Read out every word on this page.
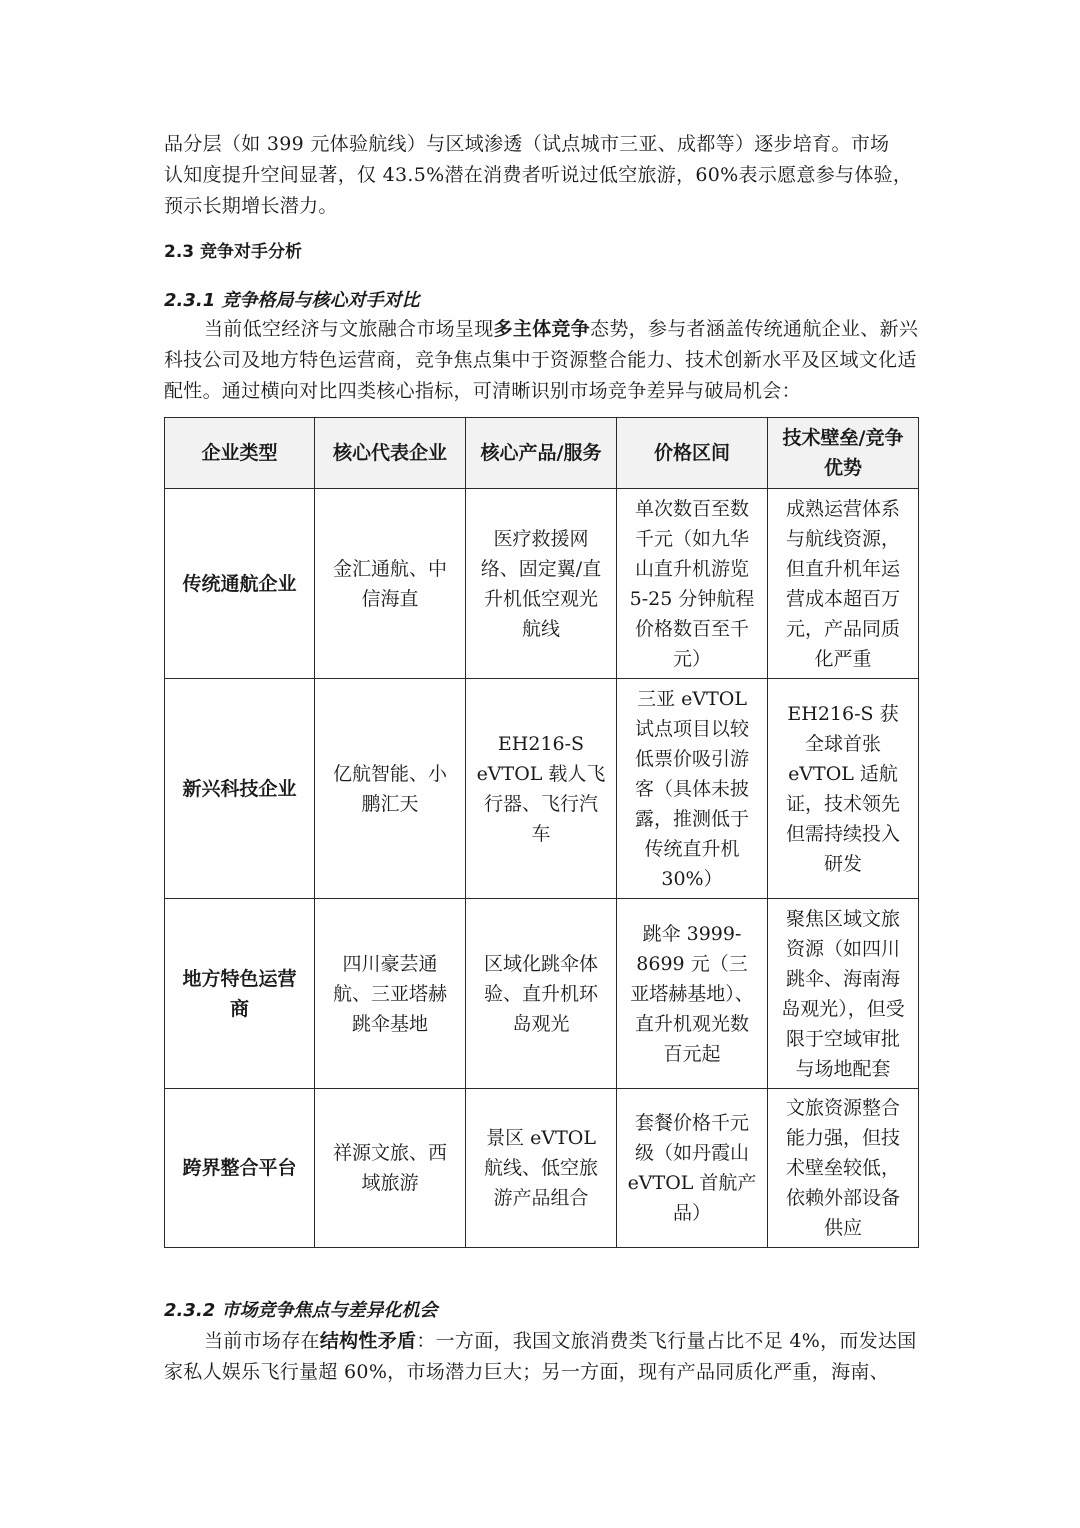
品分层（如 399 元体验航线）与区域渗透（试点城市三亚、成都等）逐步培育。市场
认知度提升空间显著，仅 43.5%潜在消费者听说过低空旅游，60%表示愿意参与体验，
预示长期增长潜力。

2.3 竞争对手分析
2.3.1 竞争格局与核心对手对比

当前低空经济与文旅融合市场呈现多主体竞争态势，参与者涵盖传统通航企业、新兴科技公司及地方特色运营商，竞争焦点集中于资源整合能力、技术创新水平及区域文化适配性。通过横向对比四类核心指标，可清晰识别市场竞争差异与破局机会：

企业类型	核心代表企业	核心产品/服务	价格区间	技术壁垒/竞争优势
传统通航企业	金汇通航、中信海直	医疗救援网络、固定翼/直升机低空观光航线	单次数百至数千元（如九华山直升机游览5-25 分钟航程价格数百至千元）	成熟运营体系与航线资源，但直升机年运营成本超百万元，产品同质化严重
新兴科技企业	亿航智能、小鹏汇天	EH216-S eVTOL 载人飞行器、飞行汽车	三亚 eVTOL 试点项目以较低票价吸引游客（具体未披露，推测低于传统直升机 30%）	EH216-S 获全球首张 eVTOL 适航证，技术领先但需持续投入研发
地方特色运营商	四川豪芸通航、三亚塔赫跳伞基地	区域化跳伞体验、直升机环岛观光	跳伞 3999-8699 元（三亚塔赫基地）、直升机观光数百元起	聚焦区域文旅资源（如四川跳伞、海南海岛观光），但受限于空域审批与场地配套
跨界整合平台	祥源文旅、西域旅游	景区 eVTOL 航线、低空旅游产品组合	套餐价格千元级（如丹霞山 eVTOL 首航产品）	文旅资源整合能力强，但技术壁垒较低，依赖外部设备供应
2.3.2 市场竞争焦点与差异化机会

当前市场存在结构性矛盾：一方面，我国文旅消费类飞行量占比不足 4%，而发达国家私人娱乐飞行量超 60%，市场潜力巨大；另一方面，现有产品同质化严重，海南、
